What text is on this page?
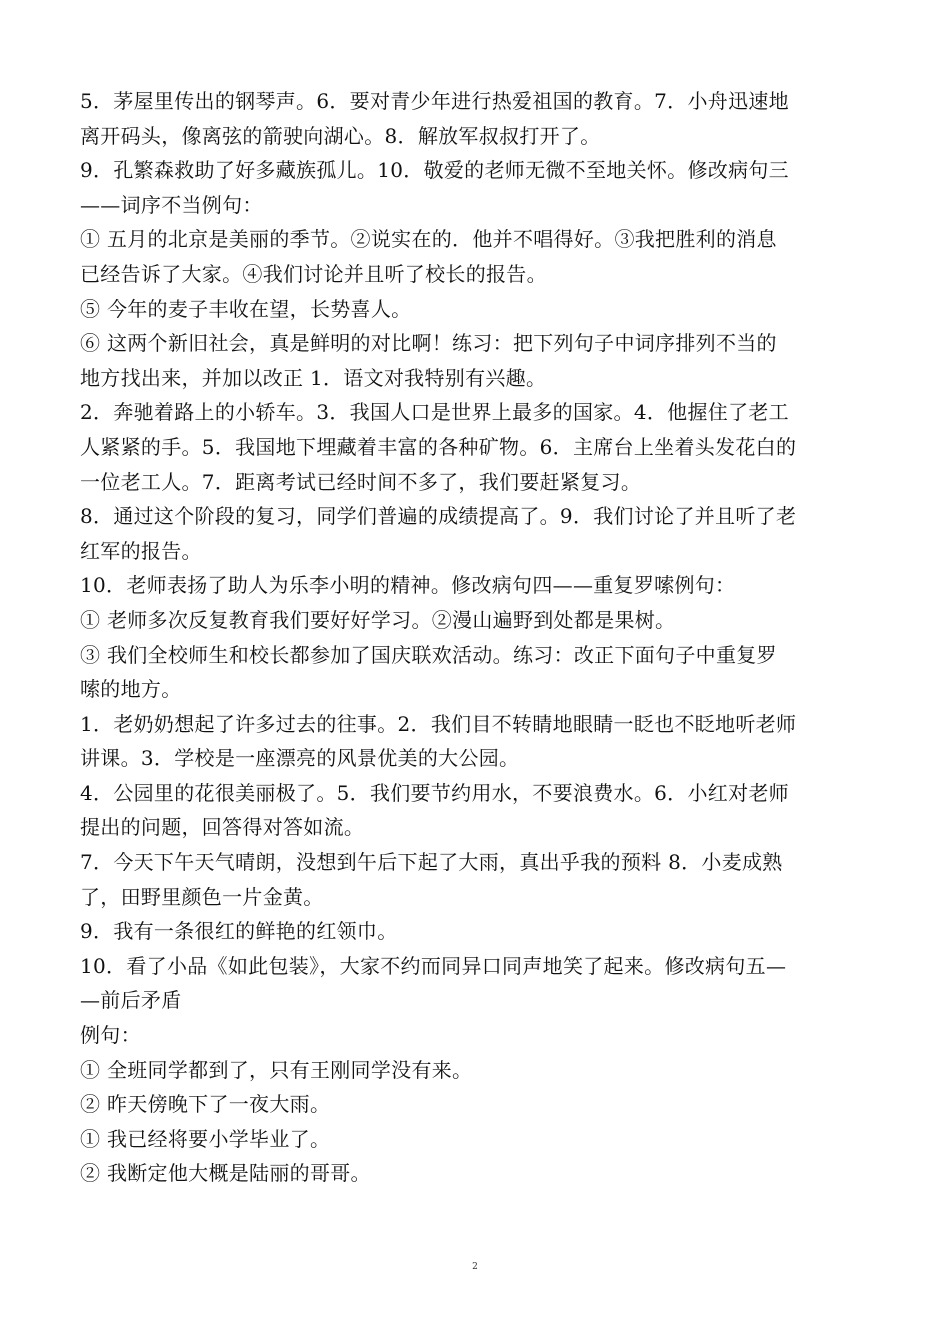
5．茅屋里传出的钢琴声。6．要对青少年进行热爱祖国的教育。7．小舟迅速地
离开码头，像离弦的箭驶向湖心。8．解放军叔叔打开了。
9．孔繁森救助了好多藏族孤儿。10．敬爱的老师无微不至地关怀。修改病句三
——词序不当例句：
① 五月的北京是美丽的季节。②说实在的．他并不唱得好。③我把胜利的消息
已经告诉了大家。④我们讨论并且听了校长的报告。
⑤ 今年的麦子丰收在望，长势喜人。
⑥ 这两个新旧社会，真是鲜明的对比啊！练习：把下列句子中词序排列不当的
地方找出来，并加以改正 1．语文对我特别有兴趣。
2．奔驰着路上的小轿车。3．我国人口是世界上最多的国家。4．他握住了老工
人紧紧的手。5．我国地下埋藏着丰富的各种矿物。6．主席台上坐着头发花白的
一位老工人。7．距离考试已经时间不多了，我们要赶紧复习。
8．通过这个阶段的复习，同学们普遍的成绩提高了。9．我们讨论了并且听了老
红军的报告。
10．老师表扬了助人为乐李小明的精神。修改病句四——重复罗嗦例句：
① 老师多次反复教育我们要好好学习。②漫山遍野到处都是果树。
③ 我们全校师生和校长都参加了国庆联欢活动。练习：改正下面句子中重复罗
嗦的地方。
1．老奶奶想起了许多过去的往事。2．我们目不转睛地眼睛一眨也不眨地听老师
讲课。3．学校是一座漂亮的风景优美的大公园。
4．公园里的花很美丽极了。5．我们要节约用水，不要浪费水。6．小红对老师
提出的问题，回答得对答如流。
7．今天下午天气晴朗，没想到午后下起了大雨，真出乎我的预料 8．小麦成熟
了，田野里颜色一片金黄。
9．我有一条很红的鲜艳的红领巾。
10．看了小品《如此包装》，大家不约而同异口同声地笑了起来。修改病句五—
—前后矛盾
例句：
① 全班同学都到了，只有王刚同学没有来。
② 昨天傍晚下了一夜大雨。
① 我已经将要小学毕业了。
② 我断定他大概是陆丽的哥哥。
2
